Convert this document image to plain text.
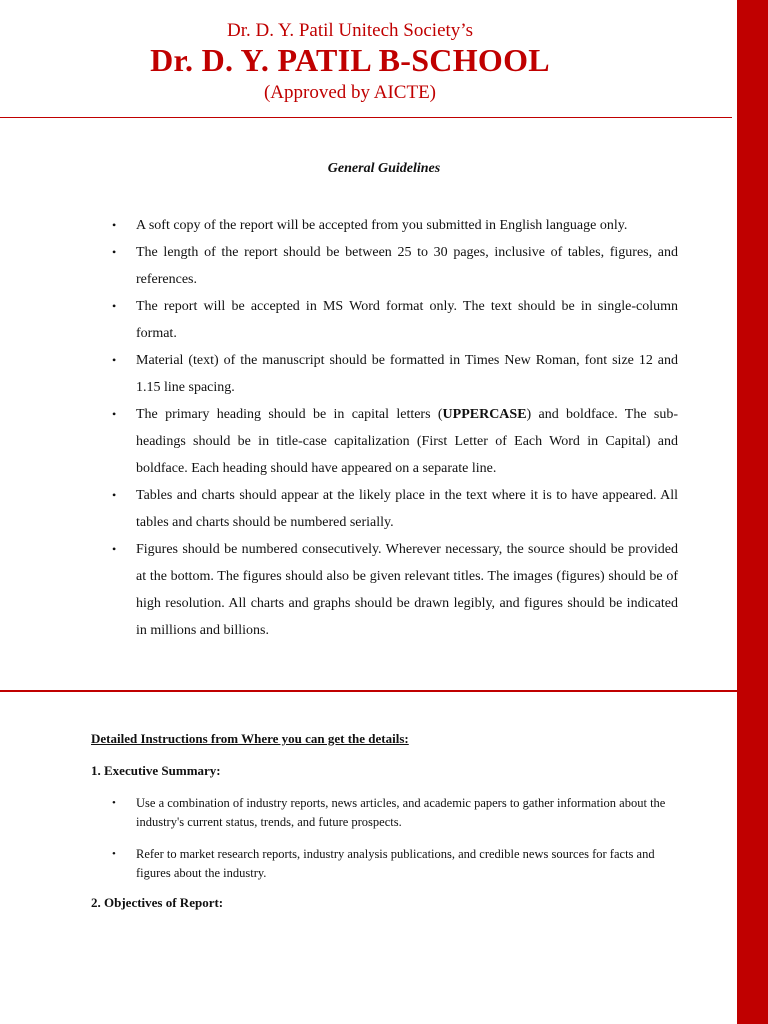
Dr. D. Y. Patil Unitech Society’s
Dr. D. Y. PATIL B-SCHOOL
(Approved by AICTE)
General Guidelines
• A soft copy of the report will be accepted from you submitted in English language only.
• The length of the report should be between 25 to 30 pages, inclusive of tables, figures, and references.
• The report will be accepted in MS Word format only. The text should be in single-column format.
• Material (text) of the manuscript should be formatted in Times New Roman, font size 12 and 1.15 line spacing.
• The primary heading should be in capital letters (UPPERCASE) and boldface. The sub-headings should be in title-case capitalization (First Letter of Each Word in Capital) and boldface. Each heading should have appeared on a separate line.
• Tables and charts should appear at the likely place in the text where it is to have appeared. All tables and charts should be numbered serially.
• Figures should be numbered consecutively. Wherever necessary, the source should be provided at the bottom. The figures should also be given relevant titles. The images (figures) should be of high resolution. All charts and graphs should be drawn legibly, and figures should be indicated in millions and billions.
Detailed Instructions from Where you can get the details:
1. Executive Summary:
• Use a combination of industry reports, news articles, and academic papers to gather information about the industry's current status, trends, and future prospects.
• Refer to market research reports, industry analysis publications, and credible news sources for facts and figures about the industry.
2. Objectives of Report:
